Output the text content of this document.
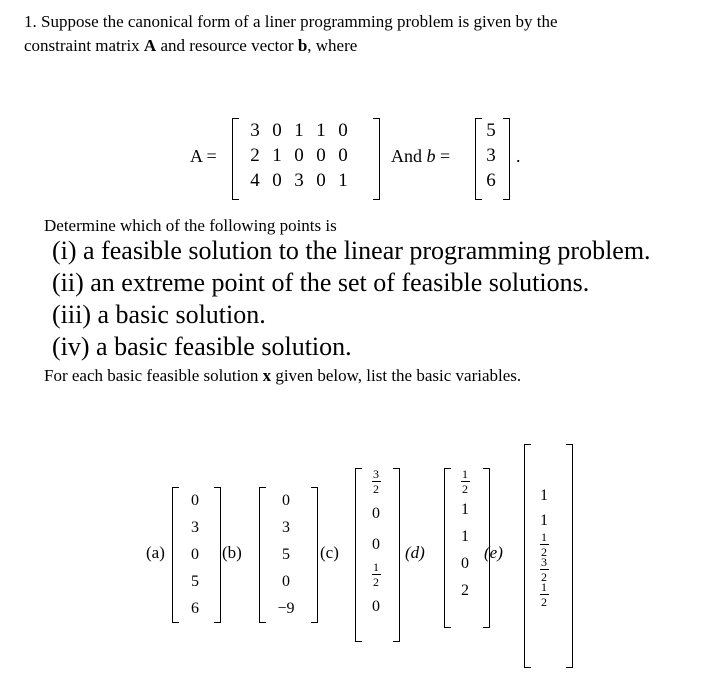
1. Suppose the canonical form of a liner programming problem is given by the
constraint matrix A and resource vector b, where
A =
3 0 1 1 0
2 1 0 0 0
4 0 3 0 1
And b =
5
3
6
.
Determine which of the following points is
(i) a feasible solution to the linear programming problem.
(ii) an extreme point of the set of feasible solutions.
(iii) a basic solution.
(iv) a basic feasible solution.
For each basic feasible solution x given below, list the basic variables.
(a)
0
3
0
5
6
(b)
0
3
5
0
−9
(c)
3
2
0
0
1
2
0
(d)
1
2
1
1
0
2
(e)
1
1
1
2
3
2
1
2
